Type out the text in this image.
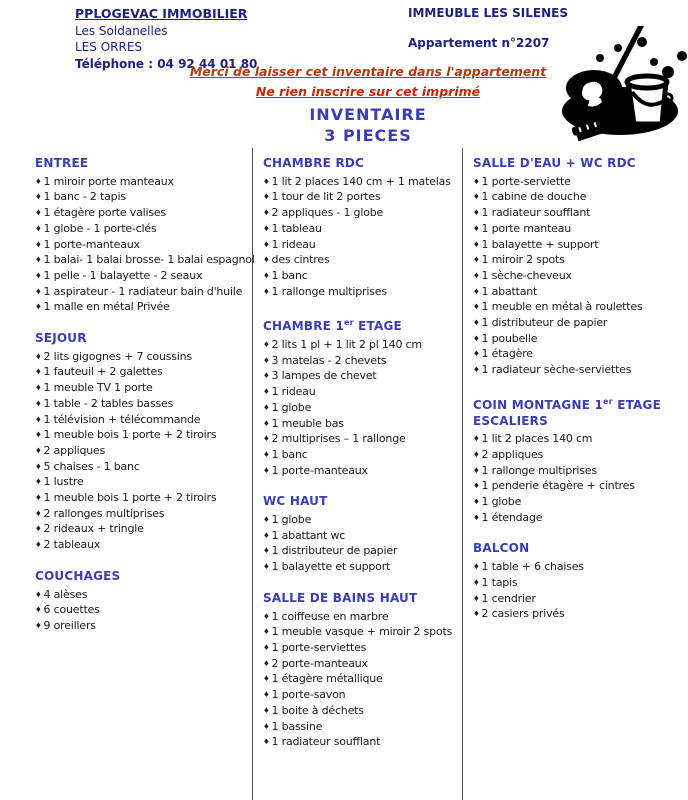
PPLOGEVAC IMMOBILIER
Les Soldanelles
LES ORRES
Téléphone : 04 92 44 01 80
IMMEUBLE LES SILENES
Appartement n°2207
Merci de laisser cet inventaire dans l'appartement
Ne rien inscrire sur cet imprimé
INVENTAIRE
3 PIECES
ENTREE
♦ 1 miroir porte manteaux
♦ 1 banc - 2 tapis
♦ 1 étagère porte valises
♦ 1 globe - 1 porte-clés
♦ 1 porte-manteaux
♦ 1 balai- 1 balai brosse- 1 balai espagnol
♦ 1 pelle - 1 balayette - 2 seaux
♦ 1 aspirateur - 1 radiateur bain d'huile
♦ 1 malle en métal Privée
SEJOUR
♦ 2 lits gigognes + 7 coussins
♦ 1 fauteuil + 2 galettes
♦ 1 meuble TV 1 porte
♦ 1 table - 2 tables basses
♦ 1 télévision + télécommande
♦ 1 meuble bois 1 porte + 2 tiroirs
♦ 2 appliques
♦ 5 chaises - 1 banc
♦ 1 lustre
♦ 1 meuble bois 1 porte + 2 tiroirs
♦ 2 rallonges multiprises
♦ 2 rideaux + tringle
♦ 2 tableaux
COUCHAGES
♦ 4 alèses
♦ 6 couettes
♦ 9 oreillers
CHAMBRE RDC
♦ 1 lit 2 places 140 cm + 1 matelas
♦ 1 tour de lit 2 portes
♦ 2 appliques - 1 globe
♦ 1 tableau
♦ 1 rideau
♦ des cintres
♦ 1 banc
♦ 1 rallonge multiprises
CHAMBRE 1er ETAGE
♦ 2 lits 1 pl + 1 lit 2 pl 140 cm
♦ 3 matelas - 2 chevets
♦ 3 lampes de chevet
♦ 1 rideau
♦ 1 globe
♦ 1 meuble bas
♦ 2 multiprises – 1 rallonge
♦ 1 banc
♦ 1 porte-manteaux
WC HAUT
♦ 1 globe
♦ 1 abattant wc
♦ 1 distributeur de papier
♦ 1 balayette et support
SALLE DE BAINS HAUT
♦ 1 coiffeuse en marbre
♦ 1 meuble vasque + miroir 2 spots
♦ 1 porte-serviettes
♦ 2 porte-manteaux
♦ 1 étagère métallique
♦ 1 porte-savon
♦ 1 boite à déchets
♦ 1 bassine
♦ 1 radiateur soufflant
SALLE D'EAU + WC RDC
♦ 1 porte-serviette
♦ 1 cabine de douche
♦ 1 radiateur soufflant
♦ 1 porte manteau
♦ 1 balayette + support
♦ 1 miroir 2 spots
♦ 1 sèche-cheveux
♦ 1 abattant
♦ 1 meuble en métal à roulettes
♦ 1 distributeur de papier
♦ 1 poubelle
♦ 1 étagère
♦ 1 radiateur sèche-serviettes
COIN MONTAGNE 1er ETAGE
ESCALIERS
♦ 1 lit 2 places 140 cm
♦ 2 appliques
♦ 1 rallonge multiprises
♦ 1 penderie étagère + cintres
♦ 1 globe
♦ 1 étendage
BALCON
♦ 1 table + 6 chaises
♦ 1 tapis
♦ 1 cendrier
♦ 2 casiers privés
